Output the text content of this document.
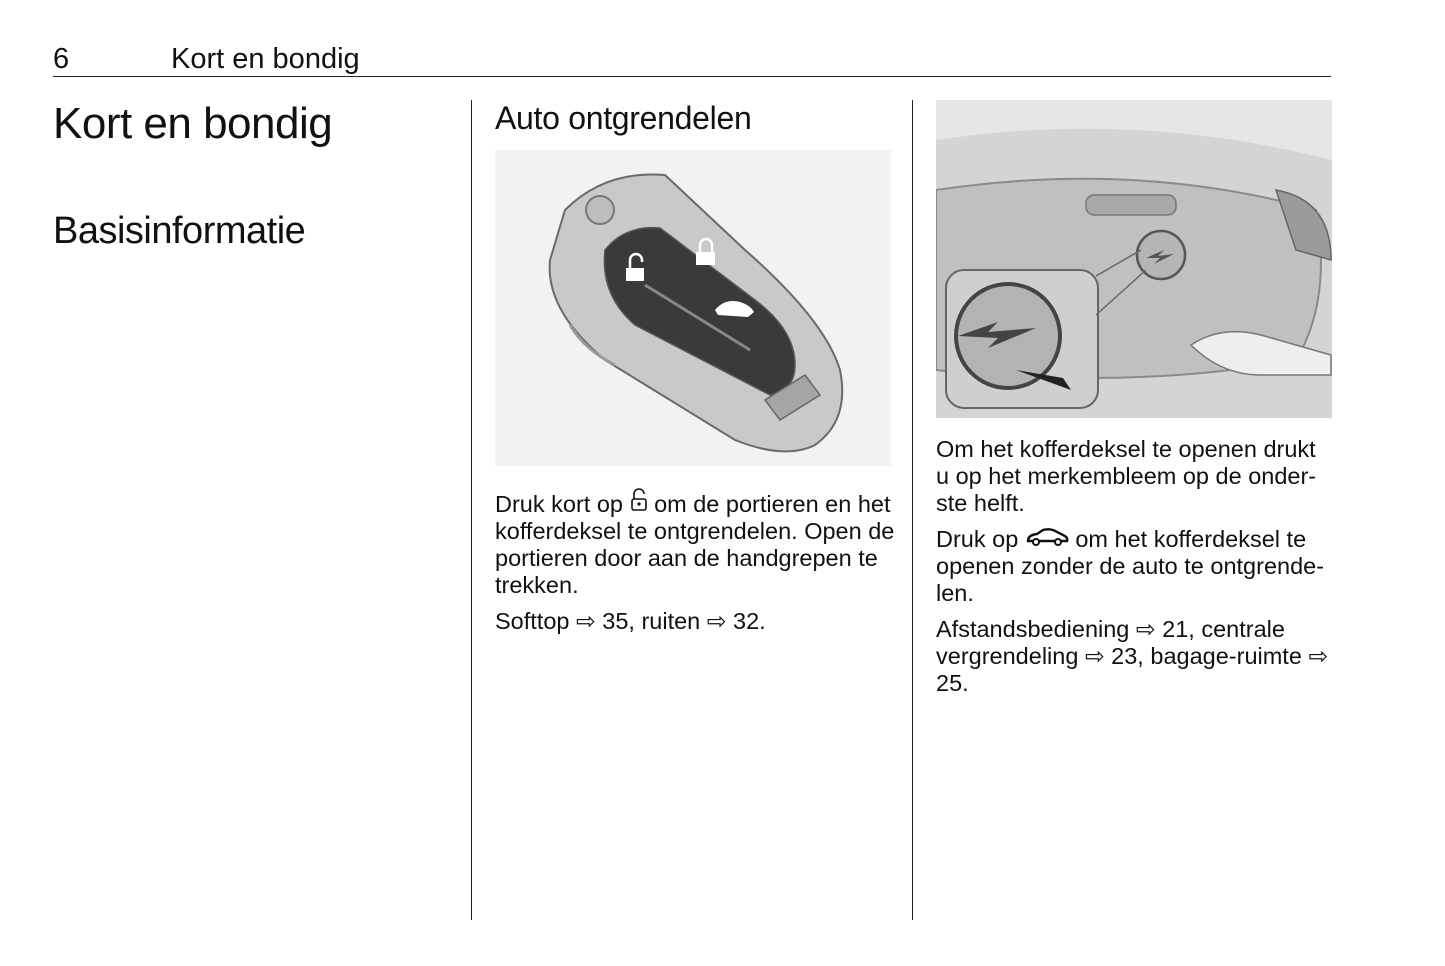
6	Kort en bondig
Kort en bondig
Basisinformatie
Auto ontgrendelen

Druk kort op om de portieren en het kofferdeksel te ontgrendelen. Open de portieren door aan de handgrepen te trekken.

Softtop ⇨ 35, ruiten ⇨ 32.

Om het kofferdeksel te openen drukt u op het merkembleem op de onder-ste helft.

Druk op om het kofferdeksel te openen zonder de auto te ontgrende-len.

Afstandsbediening ⇨ 21, centrale vergrendeling ⇨ 23, bagage-ruimte ⇨ 25.
